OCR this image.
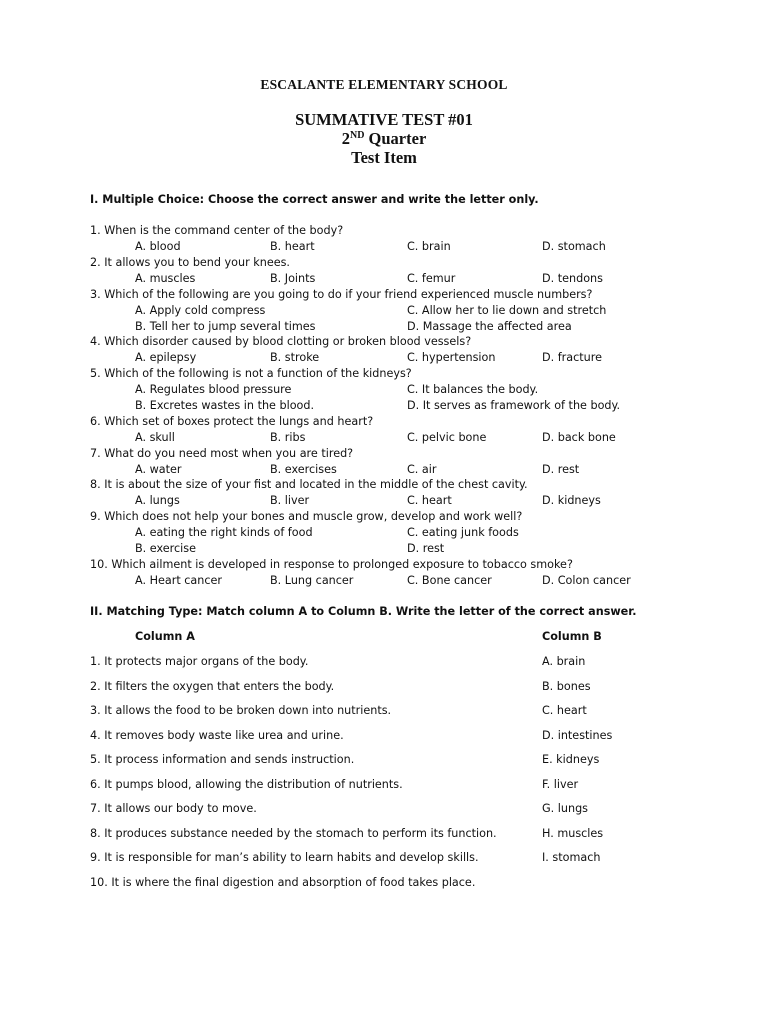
ESCALANTE ELEMENTARY SCHOOL
SUMMATIVE TEST #01
2ND Quarter
Test Item
I. Multiple Choice: Choose the correct answer and write the letter only.
1. When is the command center of the body?
A. blood	B. heart	C. brain	D. stomach
2. It allows you to bend your knees.
A. muscles	B. Joints	C. femur	D. tendons
3. Which of the following are you going to do if your friend experienced muscle numbers?
A. Apply cold compress	C. Allow her to lie down and stretch
B. Tell her to jump several times	D. Massage the affected area
4. Which disorder caused by blood clotting or broken blood vessels?
A. epilepsy	B. stroke	C. hypertension	D. fracture
5. Which of the following is not a function of the kidneys?
A. Regulates blood pressure	C. It balances the body.
B. Excretes wastes in the blood.	D. It serves as framework of the body.
6. Which set of boxes protect the lungs and heart?
A. skull	B. ribs	C. pelvic bone	D. back bone
7. What do you need most when you are tired?
A. water	B. exercises	C. air	D. rest
8. It is about the size of your fist and located in the middle of the chest cavity.
A. lungs	B. liver	C. heart	D. kidneys
9. Which does not help your bones and muscle grow, develop and work well?
A. eating the right kinds of food	C. eating junk foods
B. exercise	D. rest
10. Which ailment is developed in response to prolonged exposure to tobacco smoke?
A. Heart cancer	B. Lung cancer	C. Bone cancer	D. Colon cancer
II. Matching Type: Match column A to Column B. Write the letter of the correct answer.
Column A	Column B
1. It protects major organs of the body.	A. brain
2. It filters the oxygen that enters the body.	B. bones
3. It allows the food to be broken down into nutrients.	C. heart
4. It removes body waste like urea and urine.	D. intestines
5. It process information and sends instruction.	E. kidneys
6. It pumps blood, allowing the distribution of nutrients.	F. liver
7. It allows our body to move.	G. lungs
8. It produces substance needed by the stomach to perform its function.	H. muscles
9. It is responsible for man’s ability to learn habits and develop skills.	I. stomach
10. It is where the final digestion and absorption of food takes place.
